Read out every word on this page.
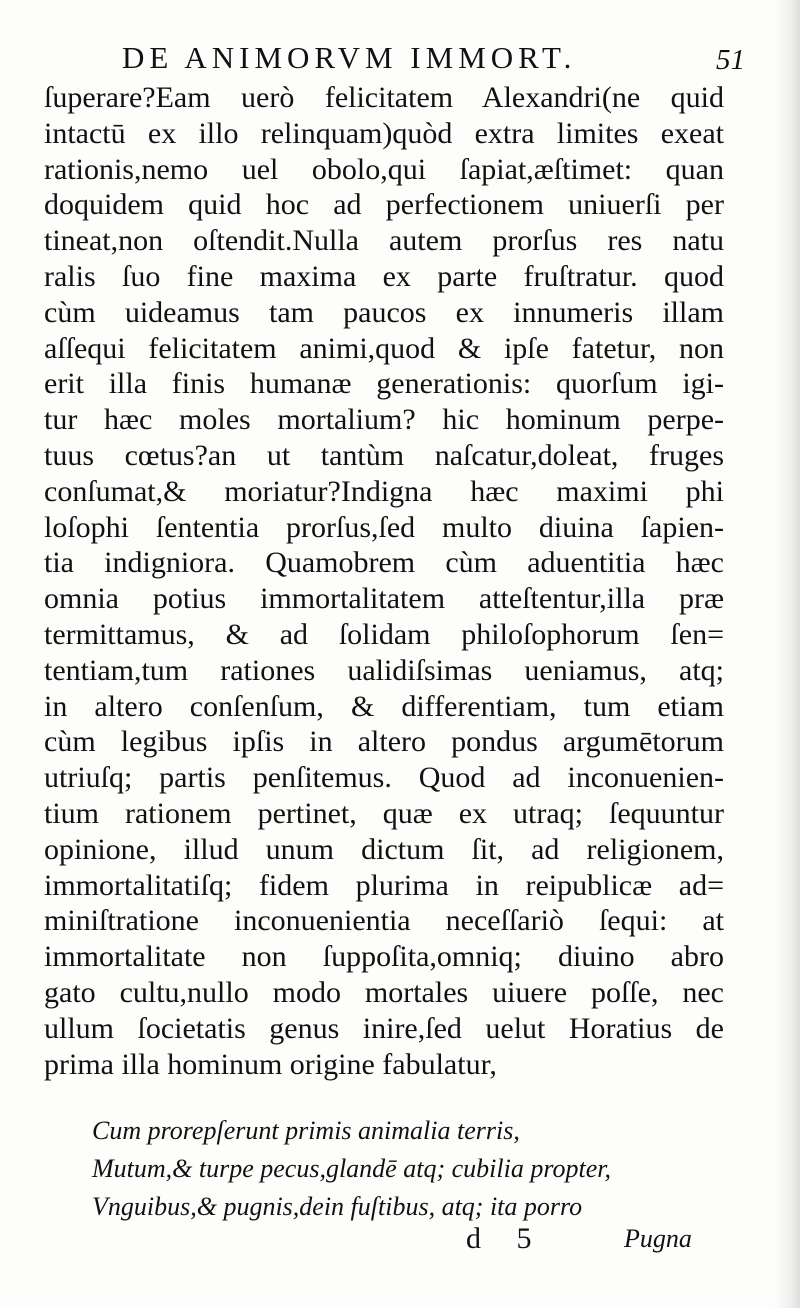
DE ANIMORVM IMMORT.	51
ſuperare?Eam uerò felicitatem Alexandri(ne quid
intactū ex illo relinquam)quòd extra limites exeat
rationis,nemo uel obolo,qui ſapiat,æſtimet: quan
doquidem quid hoc ad perfectionem uniuerſi per
tineat,non oſtendit.Nulla autem prorſus res natu
ralis ſuo fine maxima ex parte fruſtratur. quod
cùm uideamus tam paucos ex innumeris illam
aſſequi felicitatem animi,quod & ipſe fatetur, non
erit illa finis humanæ generationis: quorſum igi-
tur hæc moles mortalium? hic hominum perpe-
tuus cœtus?an ut tantùm naſcatur,doleat, fruges
conſumat,& moriatur?Indigna hæc maximi phi
loſophi ſententia prorſus,ſed multo diuina ſapien-
tia indigniora. Quamobrem cùm aduentitia hæc
omnia potius immortalitatem atteſtentur,illa præ
termittamus, & ad ſolidam philoſophorum ſen=
tentiam,tum rationes ualidiſsimas ueniamus, atq;
in altero conſenſum, & differentiam, tum etiam
cùm legibus ipſis in altero pondus argumētorum
utriuſq; partis penſitemus. Quod ad inconuenien-
tium rationem pertinet, quæ ex utraq; ſequuntur
opinione, illud unum dictum ſit, ad religionem,
immortalitatiſq; fidem plurima in reipublicæ ad=
miniſtratione inconuenientia neceſſariò ſequi: at
immortalitate non ſuppoſita,omniq; diuino abro
gato cultu,nullo modo mortales uiuere poſſe, nec
ullum ſocietatis genus inire,ſed uelut Horatius de
prima illa hominum origine fabulatur,
Cum prorepſerunt primis animalia terris,
Mutum,& turpe pecus,glandē atq; cubilia propter,
Vnguibus,& pugnis,dein fuſtibus, atq; ita porro
d 5	Pugna
